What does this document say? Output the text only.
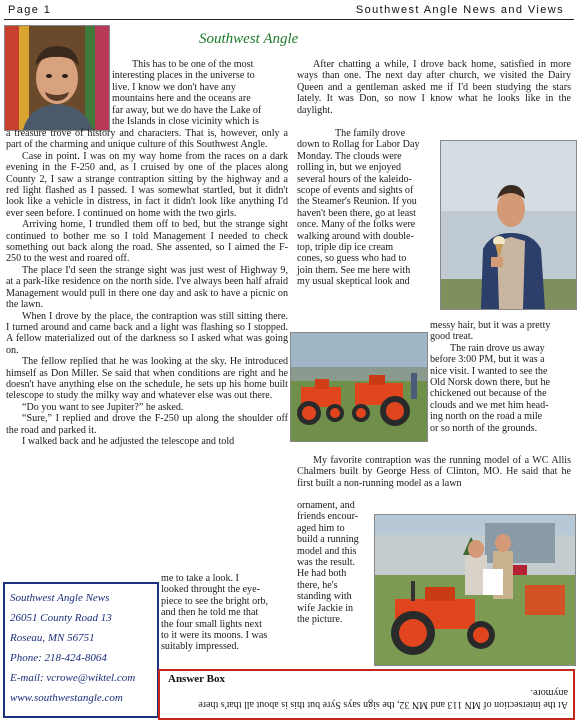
Page 1	Southwest Angle News and Views
Southwest Angle
This has to be one of the most
interesting places in the universe to
live. I know we don't have any
mountains here and the oceans are
far away, but we do have the Lake of
the Islands in close vicinity which is

a treasure trove of history and characters. That is, however, only a part of the charming and unique culture of this Southwest Angle.

Case in point. I was on my way home from the races on a dark evening in the F-250 and, as I cruised by one of the places along County 2, I saw a strange contraption sitting by the highway and a red light flashed as I passed. I was somewhat startled, but it didn't look like a vehicle in distress, in fact it didn't look like anything I'd ever seen before. I continued on home with the two girls.

Arriving home, I trundled them off to bed, but the strange sight continued to bother me so I told Management I needed to check something out back along the road. She assented, so I aimed the F-250 to the west and roared off.

The place I'd seen the strange sight was just west of Highway 9, at a park-like residence on the north side. I've always been half afraid Management would pull in there one day and ask to have a picnic on the lawn.

When I drove by the place, the contraption was still sitting there. I turned around and came back and a light was flashing so I stopped. A fellow materialized out of the darkness so I asked what was going on.

The fellow replied that he was looking at the sky. He introduced himself as Don Miller. Se said that when conditions are right and he doesn't have anything else on the schedule, he sets up his home built telescope to study the milky way and whatever else was out there.

“Do you want to see Jupiter?” he asked.

“Sure,” I replied and drove the F-250 up along the shoulder off the road and parked it.

I walked back and he adjusted the telescope and told

me to take a look. I
looked throught the eye-
piece to see the bright orb,
and then he told me that
the four small lights next
to it were its moons. I was
suitably impressed.
Southwest Angle News
26051 County Road 13
Roseau, MN 56751
Phone: 218-424-8064
E-mail: vcrowe@wiktel.com
www.southwestangle.com
After chatting a while, I drove back home, satisfied in more ways than one. The next day after church, we visited the Dairy Queen and a gentleman asked me if I'd been studying the stars lately. It was Don, so now I know what he looks like in the daylight.
The family drove
down to Rollag for Labor Day
Monday. The clouds were
rolling in, but we enjoyed
several hours of the kaleido-
scope of events and sights of
the Steamer's Reunion. If you
haven't been there, go at least
once. Many of the folks were
walking around with double-
top, triple dip ice cream
cones, so guess who had to
join them. See me here with
my usual skeptical look and
messy hair, but it was a pretty
good treat.
The rain drove us away
before 3:00 PM, but it was a
nice visit. I wanted to see the
Old Norsk down there, but he
chickened out because of the
clouds and we met him head-
ing north on the road a mile
or so north of the grounds.
My favorite contraption was the running model of a WC Allis Chalmers built by George Hess of Clinton, MO. He said that he first built a non-running model as a lawn
ornament, and
friends encour-
aged him to
build a running
model and this
was the result.
He had both
there, he's
standing with
wife Jackie in
the picture.
Answer Box
At the intersection of MN 113 and MN 32, the sign says Syre but this is about all that's there anymore.
